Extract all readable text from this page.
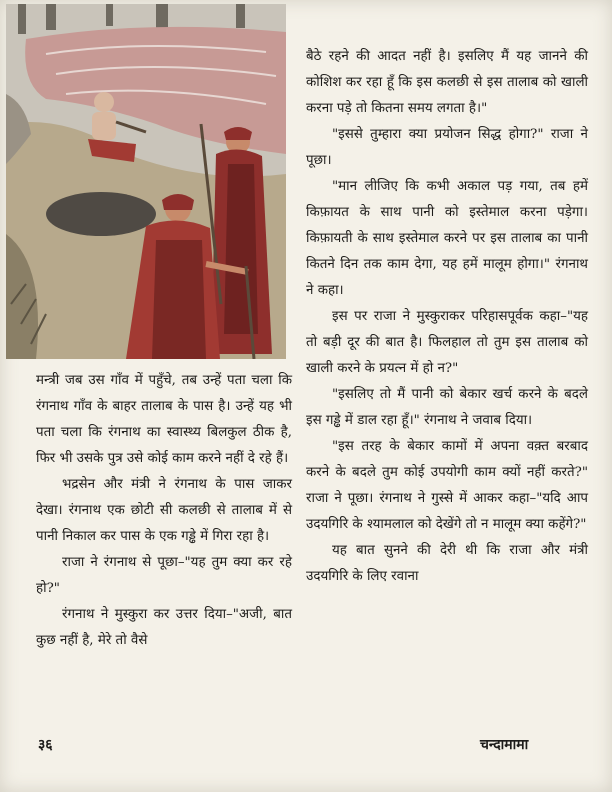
मन्त्री जब उस गाँव में पहुँचे, तब उन्हें पता चला कि रंगनाथ गाँव के बाहर तालाब के पास है। उन्हें यह भी पता चला कि रंगनाथ का स्वास्थ्य बिलकुल ठीक है, फिर भी उसके पुत्र उसे कोई काम करने नहीं दे रहे हैं।

भद्रसेन और मंत्री ने रंगनाथ के पास जाकर देखा। रंगनाथ एक छोटी सी कलछी से तालाब में से पानी निकाल कर पास के एक गड्ढे में गिरा रहा है।

राजा ने रंगनाथ से पूछा–"यह तुम क्या कर रहे हो?"

रंगनाथ ने मुस्कुरा कर उत्तर दिया–"अजी, बात कुछ नहीं है, मेरे तो वैसे

बैठे रहने की आदत नहीं है। इसलिए मैं यह जानने की कोशिश कर रहा हूँ कि इस कलछी से इस तालाब को खाली करना पड़े तो कितना समय लगता है।"

"इससे तुम्हारा क्या प्रयोजन सिद्ध होगा?" राजा ने पूछा।

"मान लीजिए कि कभी अकाल पड़ गया, तब हमें किफ़ायत के साथ पानी को इस्तेमाल करना पड़ेगा। किफ़ायती के साथ इस्तेमाल करने पर इस तालाब का पानी कितने दिन तक काम देगा, यह हमें मालूम होगा।" रंगनाथ ने कहा।

इस पर राजा ने मुस्कुराकर परिहासपूर्वक कहा–"यह तो बड़ी दूर की बात है। फिलहाल तो तुम इस तालाब को खाली करने के प्रयत्न में हो न?"

"इसलिए तो मैं पानी को बेकार खर्च करने के बदले इस गड्ढे में डाल रहा हूँ।" रंगनाथ ने जवाब दिया।

"इस तरह के बेकार कामों में अपना वक़्त बरबाद करने के बदले तुम कोई उपयोगी काम क्यों नहीं करते?" राजा ने पूछा। रंगनाथ ने गुस्से में आकर कहा–"यदि आप उदयगिरि के श्यामलाल को देखेंगे तो न मालूम क्या कहेंगे?"

यह बात सुनने की देरी थी कि राजा और मंत्री उदयगिरि के लिए रवाना

३६	चन्दामामा
